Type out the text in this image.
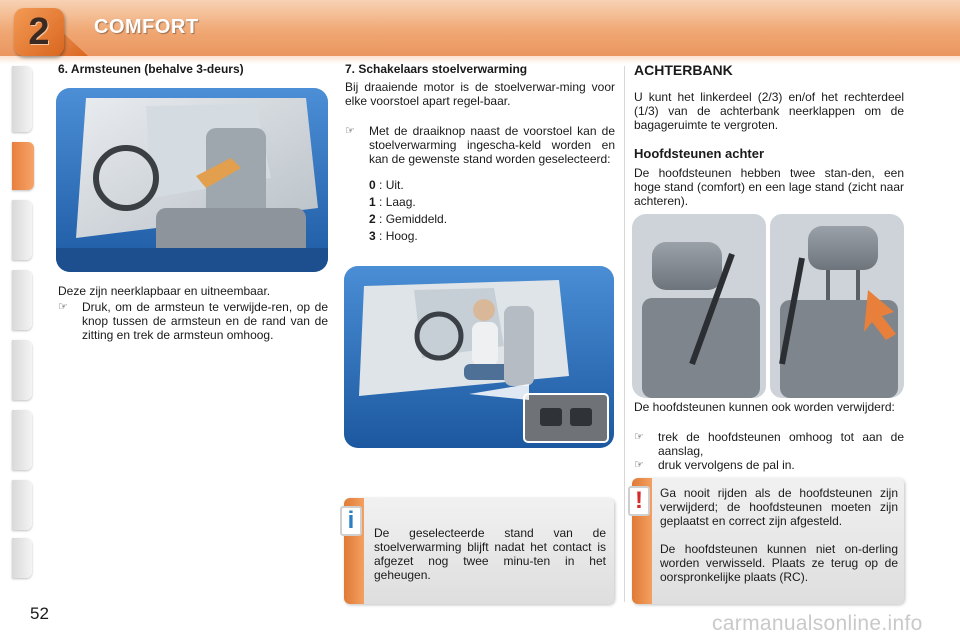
2 COMFORT
6. Armsteunen (behalve 3-deurs)
Deze zijn neerklapbaar en uitneembaar.
☞ Druk, om de armsteun te verwijde-ren, op de knop tussen de armsteun en de rand van de zitting en trek de armsteun omhoog.
7. Schakelaars stoelverwarming
Bij draaiende motor is de stoelverwar-ming voor elke voorstoel apart regel-baar.
☞ Met de draaiknop naast de voorstoel kan de stoelverwarming ingescha-keld worden en kan de gewenste stand worden geselecteerd:
0 : Uit.
1 : Laag.
2 : Gemiddeld.
3 : Hoog.
i	De geselecteerde stand van de stoelverwarming blijft nadat het contact is afgezet nog twee minu-ten in het geheugen.
ACHTERBANK
U kunt het linkerdeel (2/3) en/of het rechterdeel (1/3) van de achterbank neerklappen om de bagageruimte te vergroten.
Hoofdsteunen achter
De hoofdsteunen hebben twee stan-den, een hoge stand (comfort) en een lage stand (zicht naar achteren).
De hoofdsteunen kunnen ook worden verwijderd:
☞ trek de hoofdsteunen omhoog tot aan de aanslag,
☞ druk vervolgens de pal in.
!	Ga nooit rijden als de hoofdsteunen zijn verwijderd; de hoofdsteunen moeten zijn geplaatst en correct zijn afgesteld.
De hoofdsteunen kunnen niet on-derling worden verwisseld. Plaats ze terug op de oorspronkelijke plaats (RC).
52	carmanualsonline.info
